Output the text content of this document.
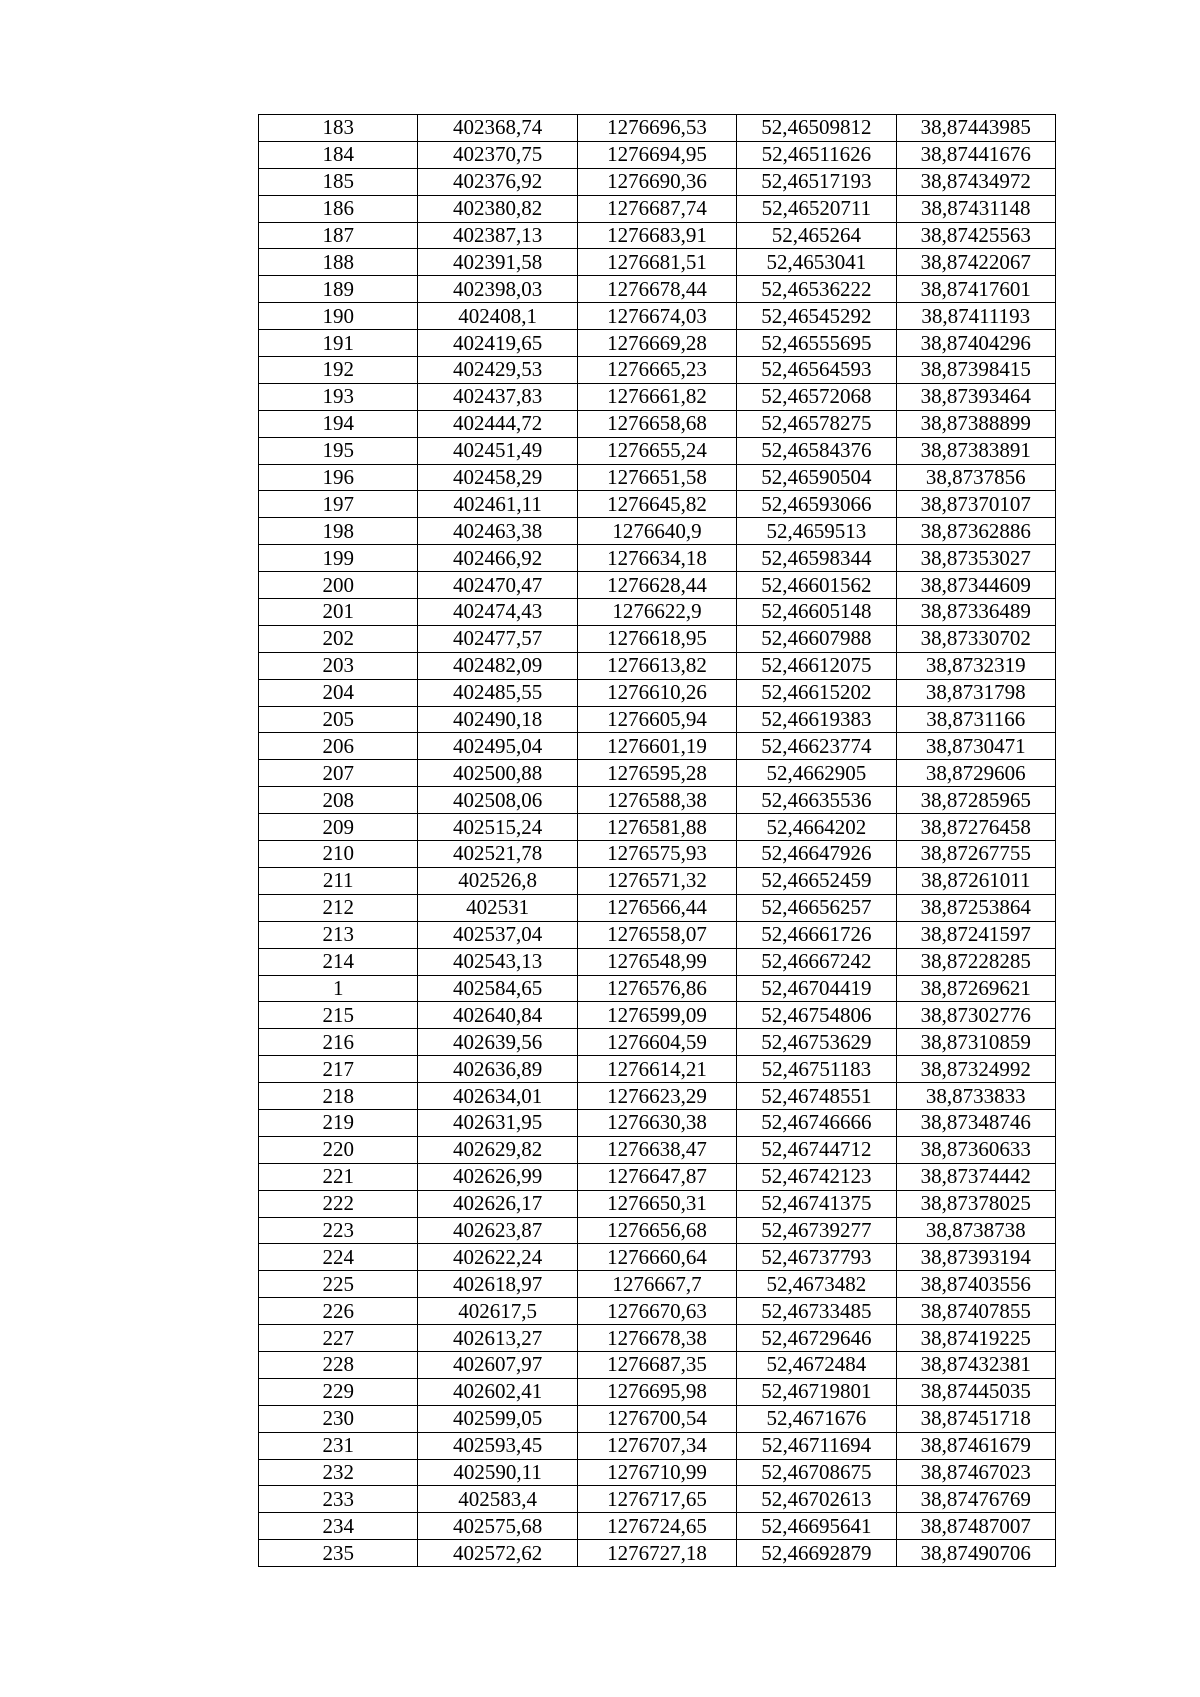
183	402368,74	1276696,53	52,46509812	38,87443985
184	402370,75	1276694,95	52,46511626	38,87441676
185	402376,92	1276690,36	52,46517193	38,87434972
186	402380,82	1276687,74	52,46520711	38,87431148
187	402387,13	1276683,91	52,465264	38,87425563
188	402391,58	1276681,51	52,4653041	38,87422067
189	402398,03	1276678,44	52,46536222	38,87417601
190	402408,1	1276674,03	52,46545292	38,87411193
191	402419,65	1276669,28	52,46555695	38,87404296
192	402429,53	1276665,23	52,46564593	38,87398415
193	402437,83	1276661,82	52,46572068	38,87393464
194	402444,72	1276658,68	52,46578275	38,87388899
195	402451,49	1276655,24	52,46584376	38,87383891
196	402458,29	1276651,58	52,46590504	38,8737856
197	402461,11	1276645,82	52,46593066	38,87370107
198	402463,38	1276640,9	52,4659513	38,87362886
199	402466,92	1276634,18	52,46598344	38,87353027
200	402470,47	1276628,44	52,46601562	38,87344609
201	402474,43	1276622,9	52,46605148	38,87336489
202	402477,57	1276618,95	52,46607988	38,87330702
203	402482,09	1276613,82	52,46612075	38,8732319
204	402485,55	1276610,26	52,46615202	38,8731798
205	402490,18	1276605,94	52,46619383	38,8731166
206	402495,04	1276601,19	52,46623774	38,8730471
207	402500,88	1276595,28	52,4662905	38,8729606
208	402508,06	1276588,38	52,46635536	38,87285965
209	402515,24	1276581,88	52,4664202	38,87276458
210	402521,78	1276575,93	52,46647926	38,87267755
211	402526,8	1276571,32	52,46652459	38,87261011
212	402531	1276566,44	52,46656257	38,87253864
213	402537,04	1276558,07	52,46661726	38,87241597
214	402543,13	1276548,99	52,46667242	38,87228285
1	402584,65	1276576,86	52,46704419	38,87269621
215	402640,84	1276599,09	52,46754806	38,87302776
216	402639,56	1276604,59	52,46753629	38,87310859
217	402636,89	1276614,21	52,46751183	38,87324992
218	402634,01	1276623,29	52,46748551	38,8733833
219	402631,95	1276630,38	52,46746666	38,87348746
220	402629,82	1276638,47	52,46744712	38,87360633
221	402626,99	1276647,87	52,46742123	38,87374442
222	402626,17	1276650,31	52,46741375	38,87378025
223	402623,87	1276656,68	52,46739277	38,8738738
224	402622,24	1276660,64	52,46737793	38,87393194
225	402618,97	1276667,7	52,4673482	38,87403556
226	402617,5	1276670,63	52,46733485	38,87407855
227	402613,27	1276678,38	52,46729646	38,87419225
228	402607,97	1276687,35	52,4672484	38,87432381
229	402602,41	1276695,98	52,46719801	38,87445035
230	402599,05	1276700,54	52,4671676	38,87451718
231	402593,45	1276707,34	52,46711694	38,87461679
232	402590,11	1276710,99	52,46708675	38,87467023
233	402583,4	1276717,65	52,46702613	38,87476769
234	402575,68	1276724,65	52,46695641	38,87487007
235	402572,62	1276727,18	52,46692879	38,87490706
